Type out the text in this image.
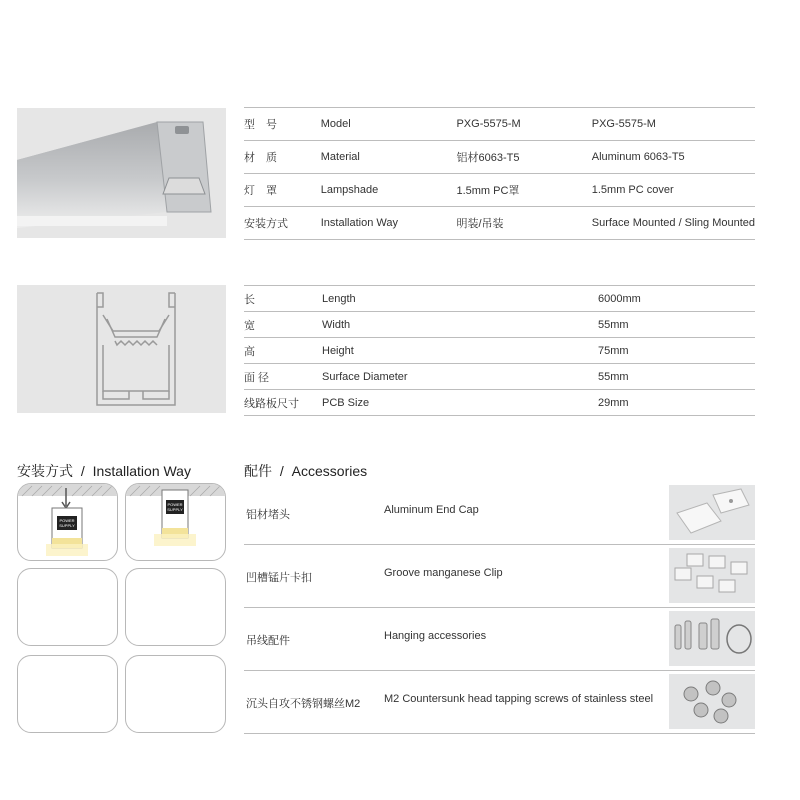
型　号	Model	PXG-5575-M	PXG-5575-M
材　质	Material	铝材6063-T5	Aluminum 6063-T5
灯　罩	Lampshade	1.5mm PC罩	1.5mm PC cover
安装方式	Installation Way	明装/吊装	Surface Mounted / Sling Mounted
长	Length		6000mm
宽	Width		55mm
高	Height		75mm
面 径	Surface Diameter		55mm
线路板尺寸	PCB Size		29mm
安装方式 / Installation Way
POWER
SUPPLY
POWER
SUPPLY
配件 / Accessories
铝材堵头	Aluminum End Cap
凹槽锰片卡扣	Groove manganese Clip
吊线配件	Hanging accessories
沉头自攻不锈钢螺丝M2 M2 Countersunk head tapping screws of stainless steel
